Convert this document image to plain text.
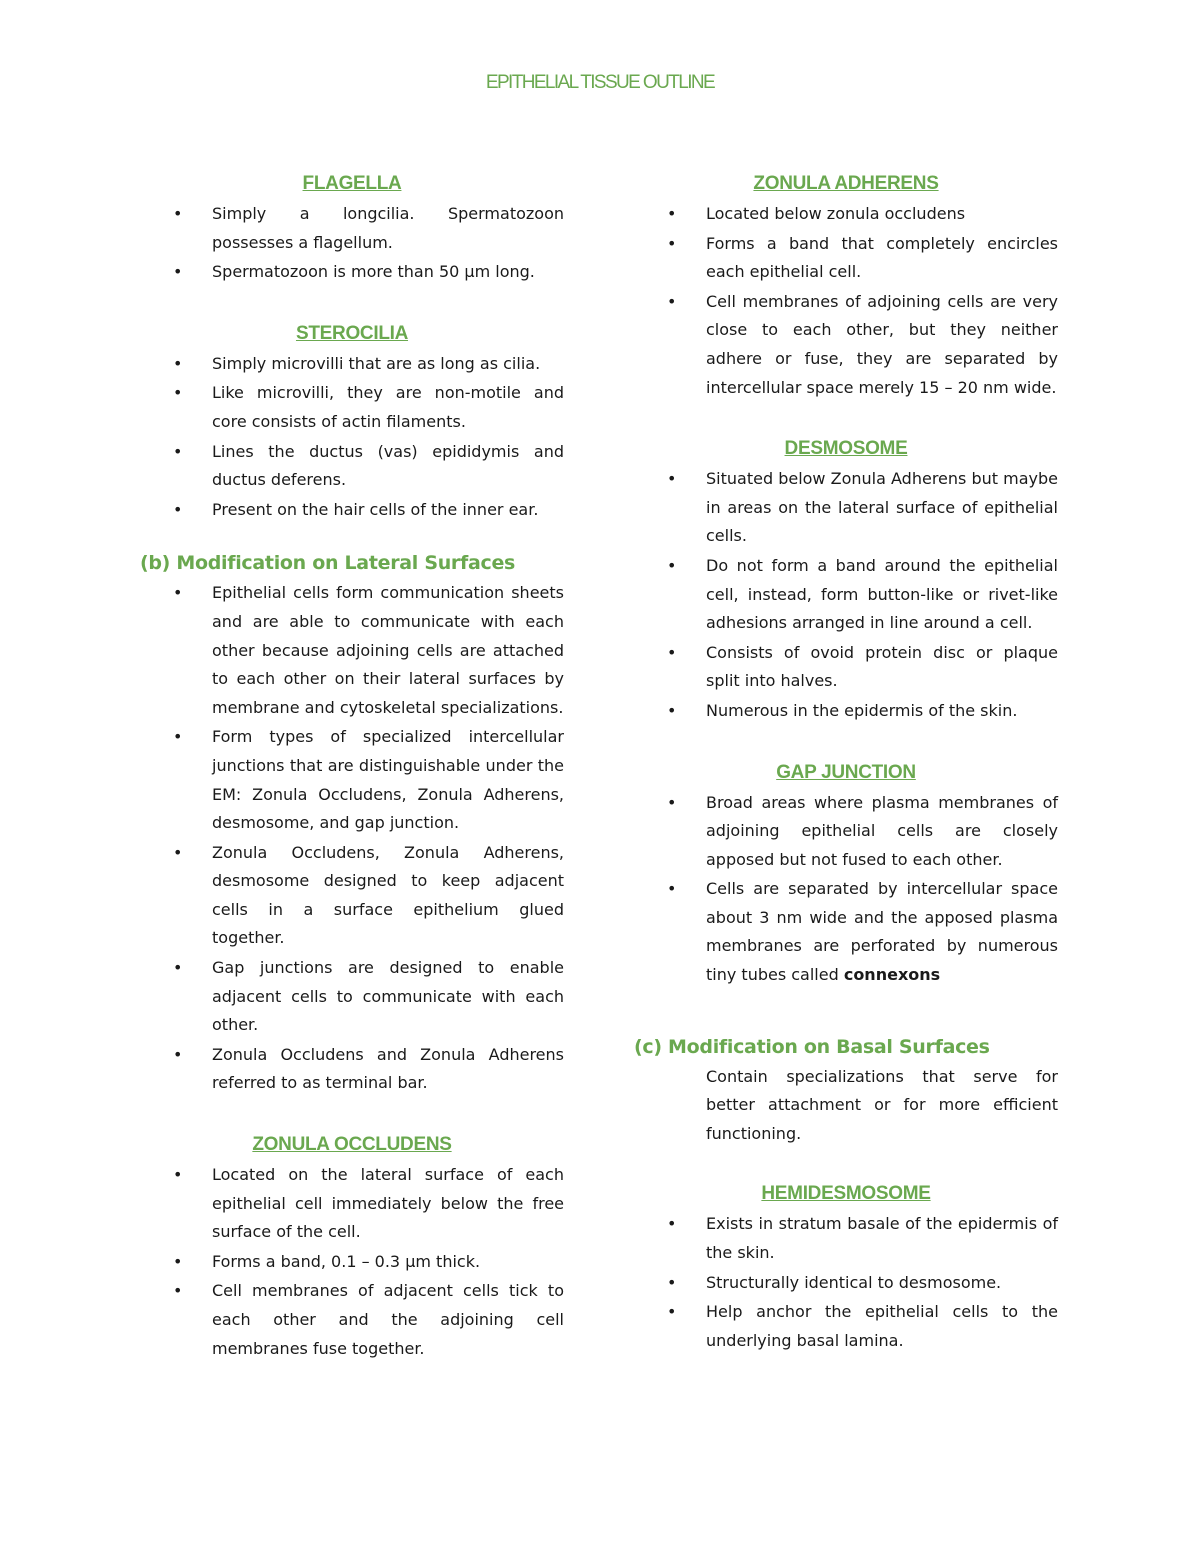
EPITHELIAL TISSUE OUTLINE
FLAGELLA
• Simply a longcilia. Spermatozoon possesses a flagellum.
• Spermatozoon is more than 50 μm long.
STEROCILIA
• Simply microvilli that are as long as cilia.
• Like microvilli, they are non-motile and core consists of actin filaments.
• Lines the ductus (vas) epididymis and ductus deferens.
• Present on the hair cells of the inner ear.
(b) Modification on Lateral Surfaces
• Epithelial cells form communication sheets and are able to communicate with each other because adjoining cells are attached to each other on their lateral surfaces by membrane and cytoskeletal specializations.
• Form types of specialized intercellular junctions that are distinguishable under the EM: Zonula Occludens, Zonula Adherens, desmosome, and gap junction.
• Zonula Occludens, Zonula Adherens, desmosome designed to keep adjacent cells in a surface epithelium glued together.
• Gap junctions are designed to enable adjacent cells to communicate with each other.
• Zonula Occludens and Zonula Adherens referred to as terminal bar.
ZONULA OCCLUDENS
• Located on the lateral surface of each epithelial cell immediately below the free surface of the cell.
• Forms a band, 0.1 – 0.3 μm thick.
• Cell membranes of adjacent cells tick to each other and the adjoining cell membranes fuse together.
ZONULA ADHERENS
• Located below zonula occludens
• Forms a band that completely encircles each epithelial cell.
• Cell membranes of adjoining cells are very close to each other, but they neither adhere or fuse, they are separated by intercellular space merely 15 – 20 nm wide.
DESMOSOME
• Situated below Zonula Adherens but maybe in areas on the lateral surface of epithelial cells.
• Do not form a band around the epithelial cell, instead, form button-like or rivet-like adhesions arranged in line around a cell.
• Consists of ovoid protein disc or plaque split into halves.
• Numerous in the epidermis of the skin.
GAP JUNCTION
• Broad areas where plasma membranes of adjoining epithelial cells are closely apposed but not fused to each other.
• Cells are separated by intercellular space about 3 nm wide and the apposed plasma membranes are perforated by numerous tiny tubes called connexons
(c) Modification on Basal Surfaces
Contain specializations that serve for better attachment or for more efficient functioning.
HEMIDESMOSOME
• Exists in stratum basale of the epidermis of the skin.
• Structurally identical to desmosome.
• Help anchor the epithelial cells to the underlying basal lamina.
